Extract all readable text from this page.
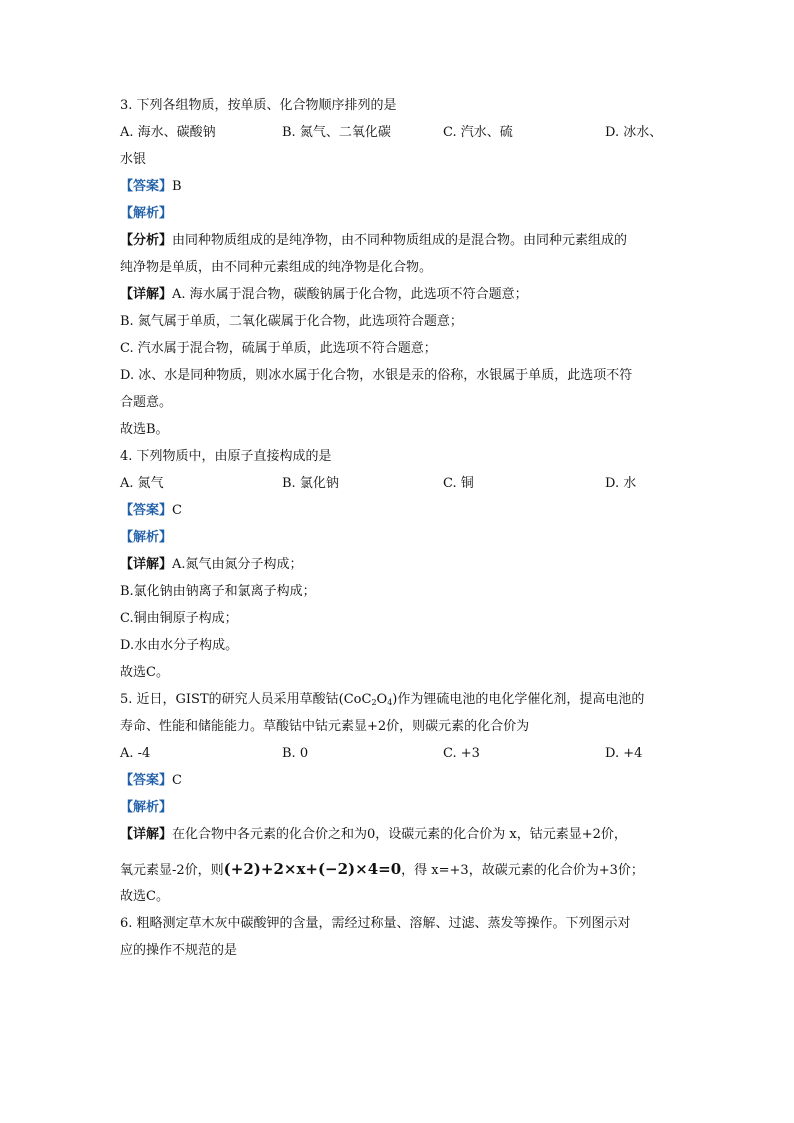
3. 下列各组物质，按单质、化合物顺序排列的是
A. 海水、碳酸钠	B. 氮气、二氧化碳	C. 汽水、硫	D. 冰水、
水银
【答案】B
【解析】
【分析】由同种物质组成的是纯净物，由不同种物质组成的是混合物。由同种元素组成的
纯净物是单质，由不同种元素组成的纯净物是化合物。
【详解】A. 海水属于混合物，碳酸钠属于化合物，此选项不符合题意；
B. 氮气属于单质，二氧化碳属于化合物，此选项符合题意；
C. 汽水属于混合物，硫属于单质，此选项不符合题意；
D. 冰、水是同种物质，则冰水属于化合物，水银是汞的俗称，水银属于单质，此选项不符
合题意。
故选B。
4. 下列物质中，由原子直接构成的是
A. 氮气	B. 氯化钠	C. 铜	D. 水
【答案】C
【解析】
【详解】A.氮气由氮分子构成；
B.氯化钠由钠离子和氯离子构成；
C.铜由铜原子构成；
D.水由水分子构成。
故选C。
5. 近日，GIST的研究人员采用草酸钴$(CoC_2O_4)$作为锂硫电池的电化学催化剂，提高电池的
寿命、性能和储能能力。草酸钴中钴元素显+2价，则碳元素的化合价为
A. -4	B. 0	C. +3	D. +4
【答案】C
【解析】
【详解】在化合物中各元素的化合价之和为0，设碳元素的化合价为 x，钴元素显+2价，
氧元素显-2价，则(+2)+2×x+(−2)×4=0，得 x=+3，故碳元素的化合价为+3价；
故选C。
6. 粗略测定草木灰中碳酸钾的含量，需经过称量、溶解、过滤、蒸发等操作。下列图示对
应的操作不规范的是
